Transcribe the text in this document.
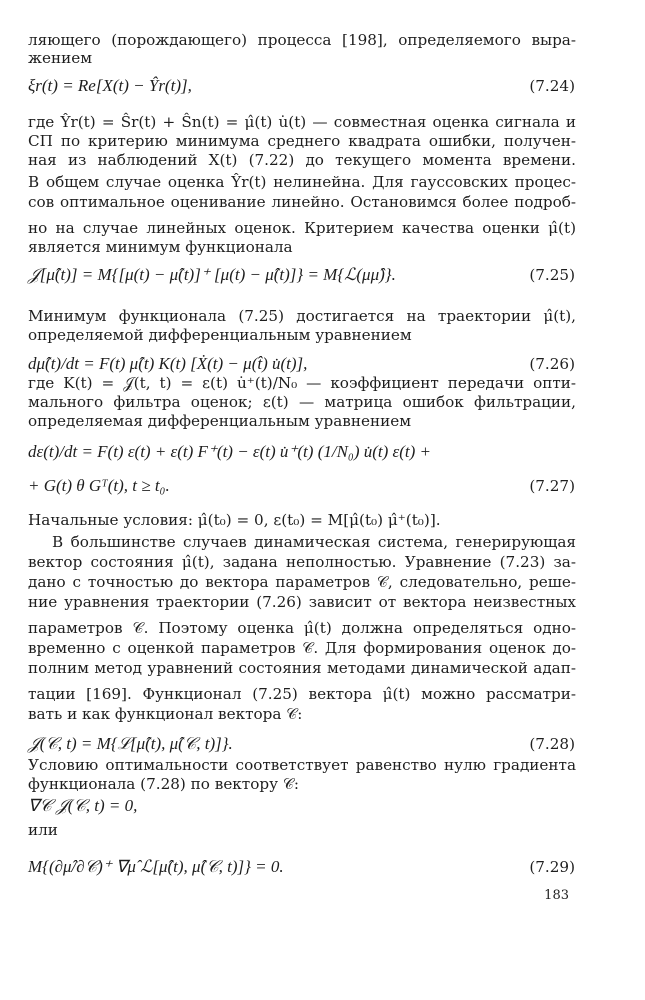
ляющего (порождающего) процесса [198], определяемого выра-
жением
ξr(t) = Re[X(t) − Ŷr(t)],	(7.24)
где Ŷr(t) = Ŝr(t) + Ŝn(t) = μ̂(t) u̇(t) — совместная оценка сигнала и
СП по критерию минимума среднего квадрата ошибки, получен-
ная из наблюдений X(t) (7.22) до текущего момента времени.
В общем случае оценка Ŷr(t) нелинейна. Для гауссовских процес-
сов оптимальное оценивание линейно. Остановимся более подроб-
но на случае линейных оценок. Критерием качества оценки μ̂(t)
является минимум функционала
𝒥[μ̂(t)] = M{[μ(t) − μ̂(t)]⁺ [μ(t) − μ̂(t)]} = M{ℒ(μμ̂)}.	(7.25)
Минимум функционала (7.25) достигается на траектории μ̂(t),
определяемой дифференциальным уравнением
dμ̂(t)/dt = F(t) μ̂(t) K(t) [Ẋ(t) − μ(t̂) u̇(t)],	(7.26)
где K(t) = 𝒥(t, t) = ε(t) u̇⁺(t)/N₀ — коэффициент передачи опти-
мального фильтра оценок; ε(t) — матрица ошибок фильтрации,
определяемая дифференциальным уравнением
dε(t)/dt = F(t) ε(t) + ε(t) F⁺(t) − ε(t) u̇⁺(t) (1/N₀) u̇(t) ε(t) +
+ G(t) θ Gᵀ(t), t ≥ t₀.	(7.27)
Начальные условия: μ̂(t₀) = 0, ε(t₀) = M[μ̂(t₀) μ̂⁺(t₀)].
В большинстве случаев динамическая система, генерирующая
вектор состояния μ̂(t), задана неполностью. Уравнение (7.23) за-
дано с точностью до вектора параметров 𝒞, следовательно, реше-
ние уравнения траектории (7.26) зависит от вектора неизвестных
параметров 𝒞. Поэтому оценка μ̂(t) должна определяться одно-
временно с оценкой параметров 𝒞. Для формирования оценок до-
полним метод уравнений состояния методами динамической адап-
тации [169]. Функционал (7.25) вектора μ̂(t) можно рассматри-
вать и как функционал вектора 𝒞:
𝒥(𝒞, t) = M{ℒ[μ̂(t), μ̂(𝒞, t)]}.	(7.28)
Условию оптимальности соответствует равенство нулю градиента
функционала (7.28) по вектору 𝒞:
∇𝒞 𝒥(𝒞, t) = 0,
или
M{(∂μ̂/∂𝒞)⁺ ∇μ̂ ℒ[μ̂(t), μ̂(𝒞, t)]} = 0.	(7.29)
183
